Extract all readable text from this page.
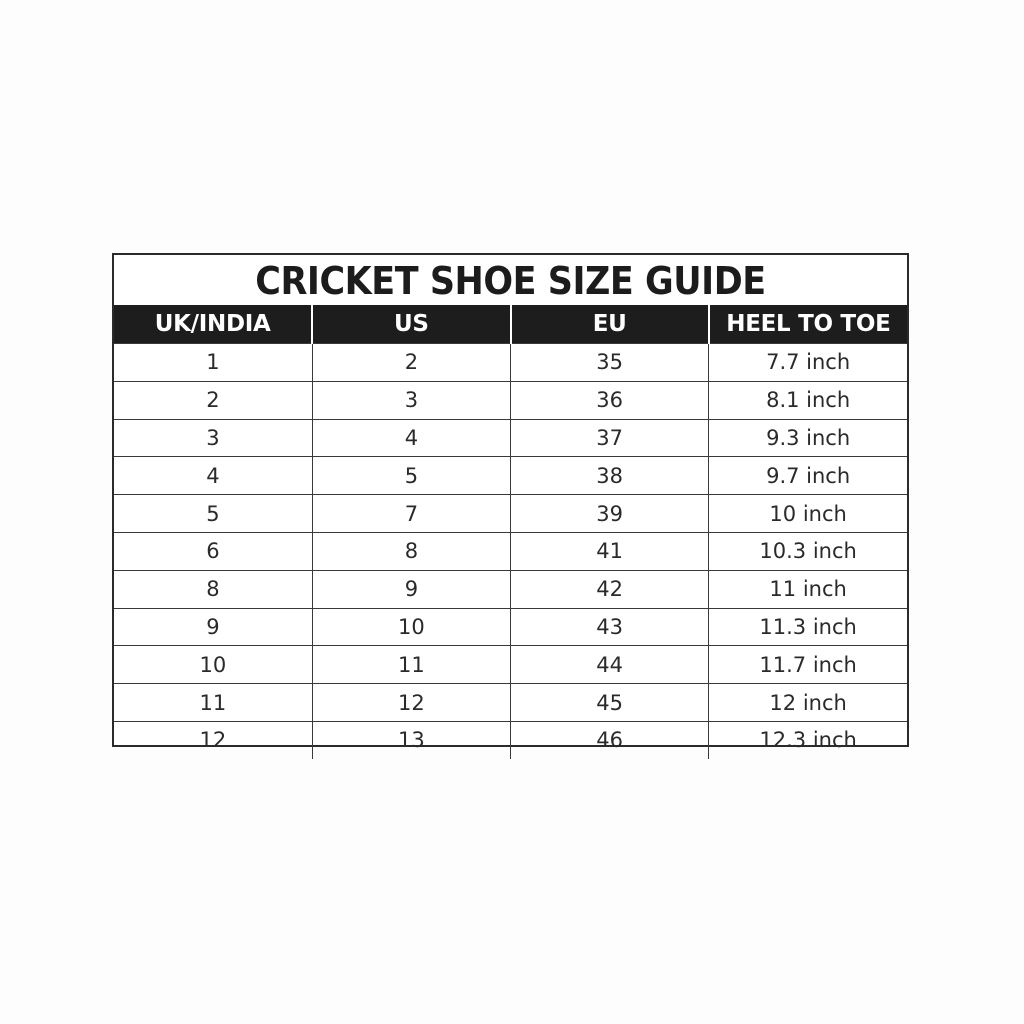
CRICKET SHOE SIZE GUIDE
UK/INDIA	US	EU	HEEL TO TOE
1	2	35	7.7 inch
2	3	36	8.1 inch
3	4	37	9.3 inch
4	5	38	9.7 inch
5	7	39	10 inch
6	8	41	10.3 inch
8	9	42	11 inch
9	10	43	11.3 inch
10	11	44	11.7 inch
11	12	45	12 inch
12	13	46	12.3 inch
